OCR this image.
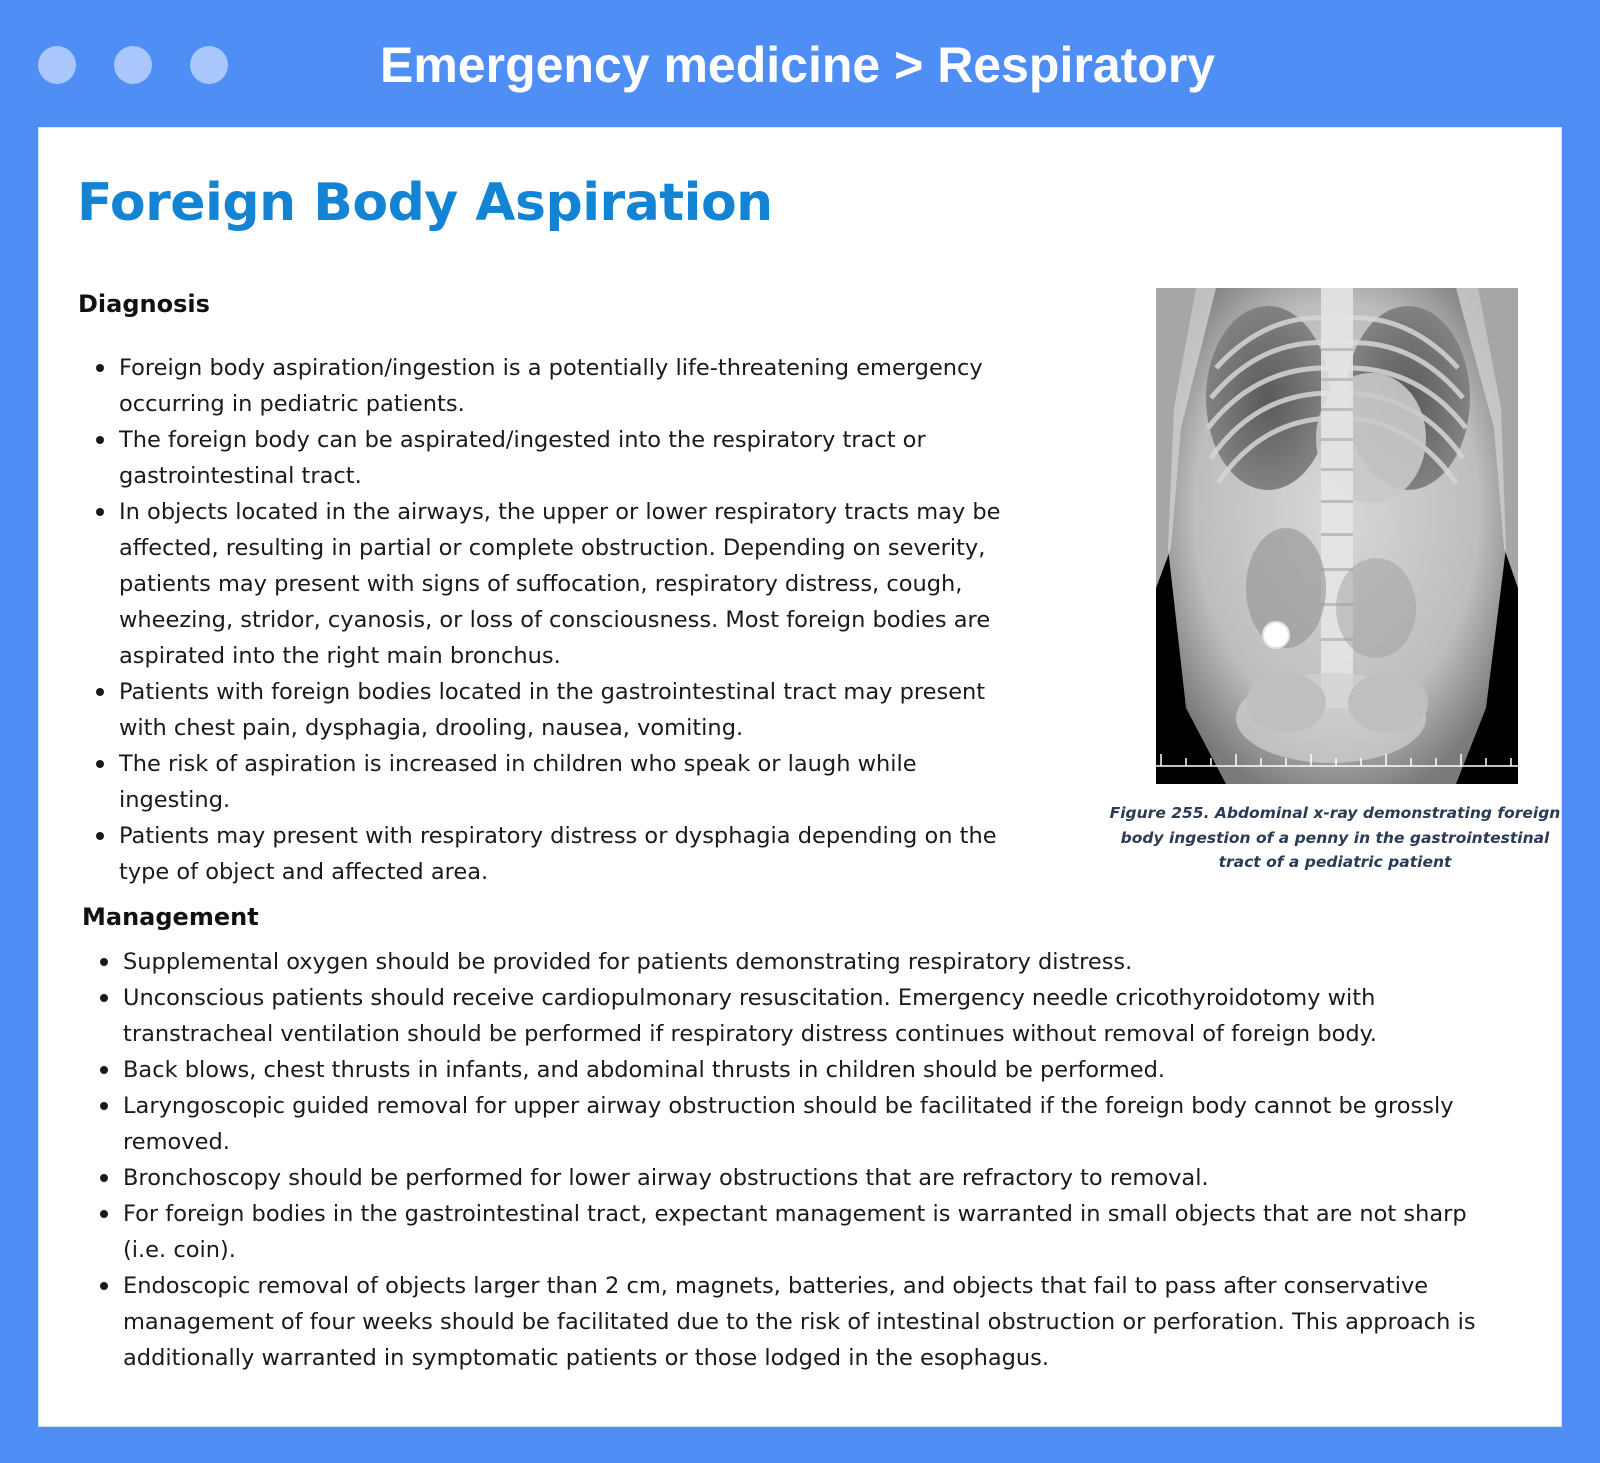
Emergency medicine > Respiratory
Foreign Body Aspiration
Diagnosis
Foreign body aspiration/ingestion is a potentially life-threatening emergency occurring in pediatric patients.
The foreign body can be aspirated/ingested into the respiratory tract or gastrointestinal tract.
In objects located in the airways, the upper or lower respiratory tracts may be affected, resulting in partial or complete obstruction. Depending on severity, patients may present with signs of suffocation, respiratory distress, cough, wheezing, stridor, cyanosis, or loss of consciousness. Most foreign bodies are aspirated into the right main bronchus.
Patients with foreign bodies located in the gastrointestinal tract may present with chest pain, dysphagia, drooling, nausea, vomiting.
The risk of aspiration is increased in children who speak or laugh while ingesting.
Patients may present with respiratory distress or dysphagia depending on the type of object and affected area.
Figure 255. Abdominal x-ray demonstrating foreign body ingestion of a penny in the gastrointestinal tract of a pediatric patient
Management
Supplemental oxygen should be provided for patients demonstrating respiratory distress.
Unconscious patients should receive cardiopulmonary resuscitation. Emergency needle cricothyroidotomy with transtracheal ventilation should be performed if respiratory distress continues without removal of foreign body.
Back blows, chest thrusts in infants, and abdominal thrusts in children should be performed.
Laryngoscopic guided removal for upper airway obstruction should be facilitated if the foreign body cannot be grossly removed.
Bronchoscopy should be performed for lower airway obstructions that are refractory to removal.
For foreign bodies in the gastrointestinal tract, expectant management is warranted in small objects that are not sharp (i.e. coin).
Endoscopic removal of objects larger than 2 cm, magnets, batteries, and objects that fail to pass after conservative management of four weeks should be facilitated due to the risk of intestinal obstruction or perforation. This approach is additionally warranted in symptomatic patients or those lodged in the esophagus.
